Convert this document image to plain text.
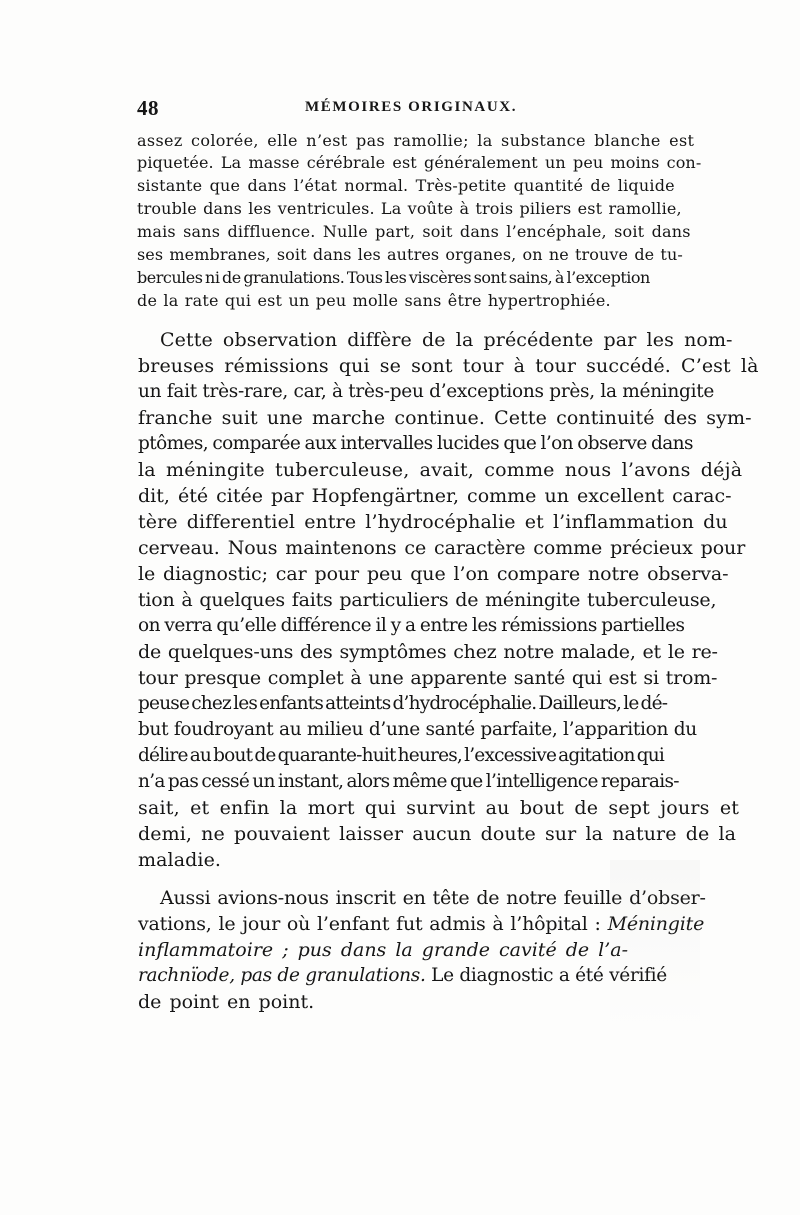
48	MÉMOIRES ORIGINAUX.
assez colorée, elle n’est pas ramollie; la substance blanche est
piquetée. La masse cérébrale est généralement un peu moins con-
sistante que dans l’état normal. Très-petite quantité de liquide
trouble dans les ventricules. La voûte à trois piliers est ramollie,
mais sans diffluence. Nulle part, soit dans l’encéphale, soit dans
ses membranes, soit dans les autres organes, on ne trouve de tu-
bercules ni de granulations. Tous les viscères sont sains, à l’exception
de la rate qui est un peu molle sans être hypertrophiée.
Cette observation diffère de la précédente par les nom-
breuses rémissions qui se sont tour à tour succédé. C’est là
un fait très-rare, car, à très-peu d’exceptions près, la méningite
franche suit une marche continue. Cette continuité des sym-
ptômes, comparée aux intervalles lucides que l’on observe dans
la méningite tuberculeuse, avait, comme nous l’avons déjà
dit, été citée par Hopfengärtner, comme un excellent carac-
tère differentiel entre l’hydrocéphalie et l’inflammation du
cerveau. Nous maintenons ce caractère comme précieux pour
le diagnostic; car pour peu que l’on compare notre observa-
tion à quelques faits particuliers de méningite tuberculeuse,
on verra qu’elle différence il y a entre les rémissions partielles
de quelques-uns des symptômes chez notre malade, et le re-
tour presque complet à une apparente santé qui est si trom-
peuse chez les enfants atteints d’hydrocéphalie. Dailleurs, le dé-
but foudroyant au milieu d’une santé parfaite, l’apparition du
délire au bout de quarante-huit heures, l’excessive agitation qui
n’a pas cessé un instant, alors même que l’intelligence reparais-
sait, et enfin la mort qui survint au bout de sept jours et
demi, ne pouvaient laisser aucun doute sur la nature de la
maladie.
Aussi avions-nous inscrit en tête de notre feuille d’obser-
vations, le jour où l’enfant fut admis à l’hôpital : Méningite
inflammatoire ; pus dans la grande cavité de l’a-
rachnïode, pas de granulations. Le diagnostic a été vérifié
de point en point.
